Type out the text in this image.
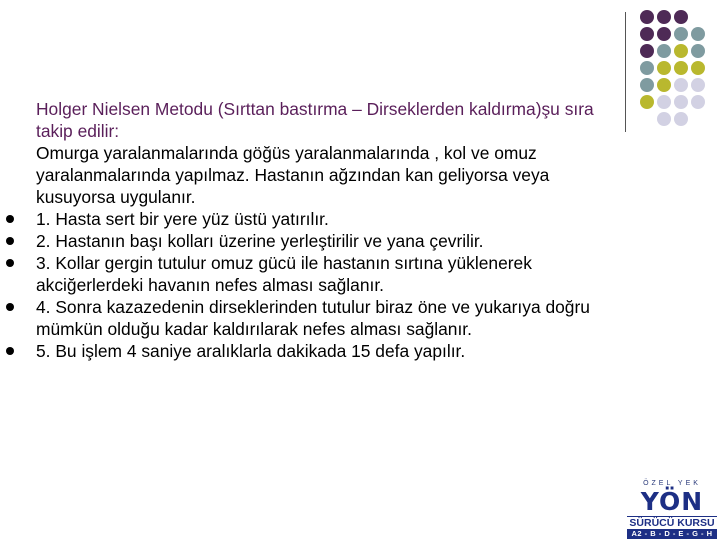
Holger Nielsen Metodu (Sırttan bastırma – Dirseklerden kaldırma)şu sıra takip edilir:

Omurga yaralanmalarında göğüs yaralanmalarında , kol ve omuz yaralanmalarında yapılmaz. Hastanın ağzından kan geliyorsa veya kusuyorsa uygulanır.

1. Hasta sert bir yere yüz üstü yatırılır.

2. Hastanın başı kolları üzerine yerleştirilir ve yana çevrilir.

3. Kollar gergin tutulur omuz gücü ile hastanın sırtına yüklenerek akciğerlerdeki havanın nefes alması sağlanır.

4. Sonra kazazedenin dirseklerinden tutulur biraz öne ve yukarıya doğru mümkün olduğu kadar kaldırılarak nefes alması sağlanır.

5. Bu işlem 4 saniye aralıklarla dakikada 15 defa yapılır.

ÖZEL YEK
YÖN
SÜRÜCÜ KURSU
A2 - B - D - E - G - H
